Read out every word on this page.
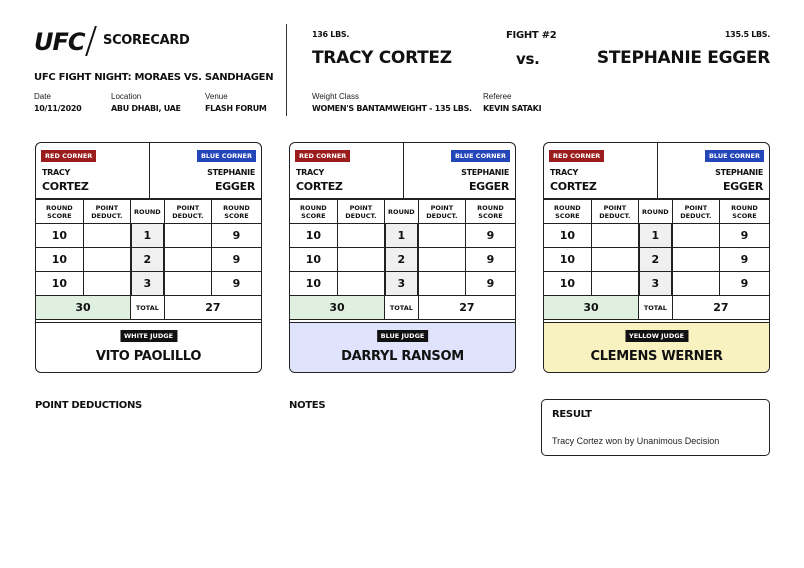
UFC SCORECARD
UFC FIGHT NIGHT: MORAES VS. SANDHAGEN
Date
10/11/2020
Location
ABU DHABI, UAE
Venue
FLASH FORUM
136 LBS.
TRACY CORTEZ
FIGHT #2
vs.
135.5 LBS.
STEPHANIE EGGER
Weight Class
WOMEN'S BANTAMWEIGHT - 135 LBS.
Referee
KEVIN SATAKI
RED CORNER	BLUE CORNER
TRACY
CORTEZ
STEPHANIE
EGGER
ROUND
SCORE	POINT
DEDUCT.	ROUND	POINT
DEDUCT.	ROUND
SCORE
10		1		9
10		2		9
10		3		9
30		TOTAL	27	
WHITE JUDGE
VITO PAOLILLO
RED CORNER	BLUE CORNER
TRACY
CORTEZ
STEPHANIE
EGGER
ROUND
SCORE	POINT
DEDUCT.	ROUND	POINT
DEDUCT.	ROUND
SCORE
10		1		9
10		2		9
10		3		9
30		TOTAL	27	
BLUE JUDGE
DARRYL RANSOM
RED CORNER	BLUE CORNER
TRACY
CORTEZ
STEPHANIE
EGGER
ROUND
SCORE	POINT
DEDUCT.	ROUND	POINT
DEDUCT.	ROUND
SCORE
10		1		9
10		2		9
10		3		9
30		TOTAL	27	
YELLOW JUDGE
CLEMENS WERNER
POINT DEDUCTIONS	NOTES
RESULT
Tracy Cortez won by Unanimous Decision
